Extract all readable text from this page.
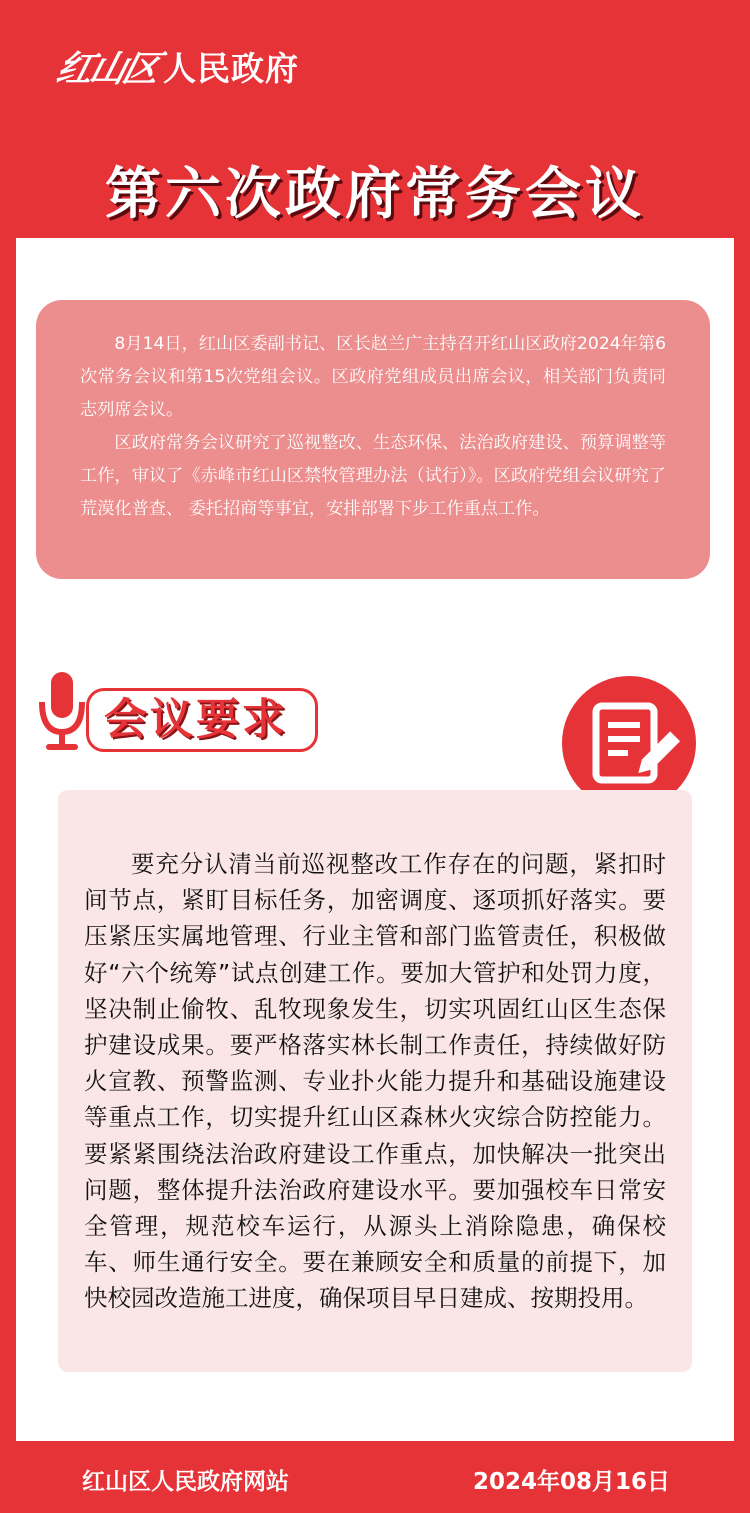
红山区 人民政府
第六次政府常务会议

8月14日，红山区委副书记、区长赵兰广主持召开红山区政府2024年第6次常务会议和第15次党组会议。区政府党组成员出席会议，相关部门负责同志列席会议。

区政府常务会议研究了巡视整改、生态环保、法治政府建设、预算调整等工作，审议了《赤峰市红山区禁牧管理办法（试行）》。区政府党组会议研究了荒漠化普查、 委托招商等事宜，安排部署下步工作重点工作。

会议要求

要充分认清当前巡视整改工作存在的问题，紧扣时间节点，紧盯目标任务，加密调度、逐项抓好落实。要压紧压实属地管理、行业主管和部门监管责任，积极做好“六个统筹”试点创建工作。要加大管护和处罚力度，坚决制止偷牧、乱牧现象发生，切实巩固红山区生态保护建设成果。要严格落实林长制工作责任，持续做好防火宣教、预警监测、专业扑火能力提升和基础设施建设等重点工作，切实提升红山区森林火灾综合防控能力。要紧紧围绕法治政府建设工作重点，加快解决一批突出问题，整体提升法治政府建设水平。要加强校车日常安全管理，规范校车运行，从源头上消除隐患，确保校车、师生通行安全。要在兼顾安全和质量的前提下，加快校园改造施工进度，确保项目早日建成、按期投用。

红山区人民政府网站	2024年08月16日
